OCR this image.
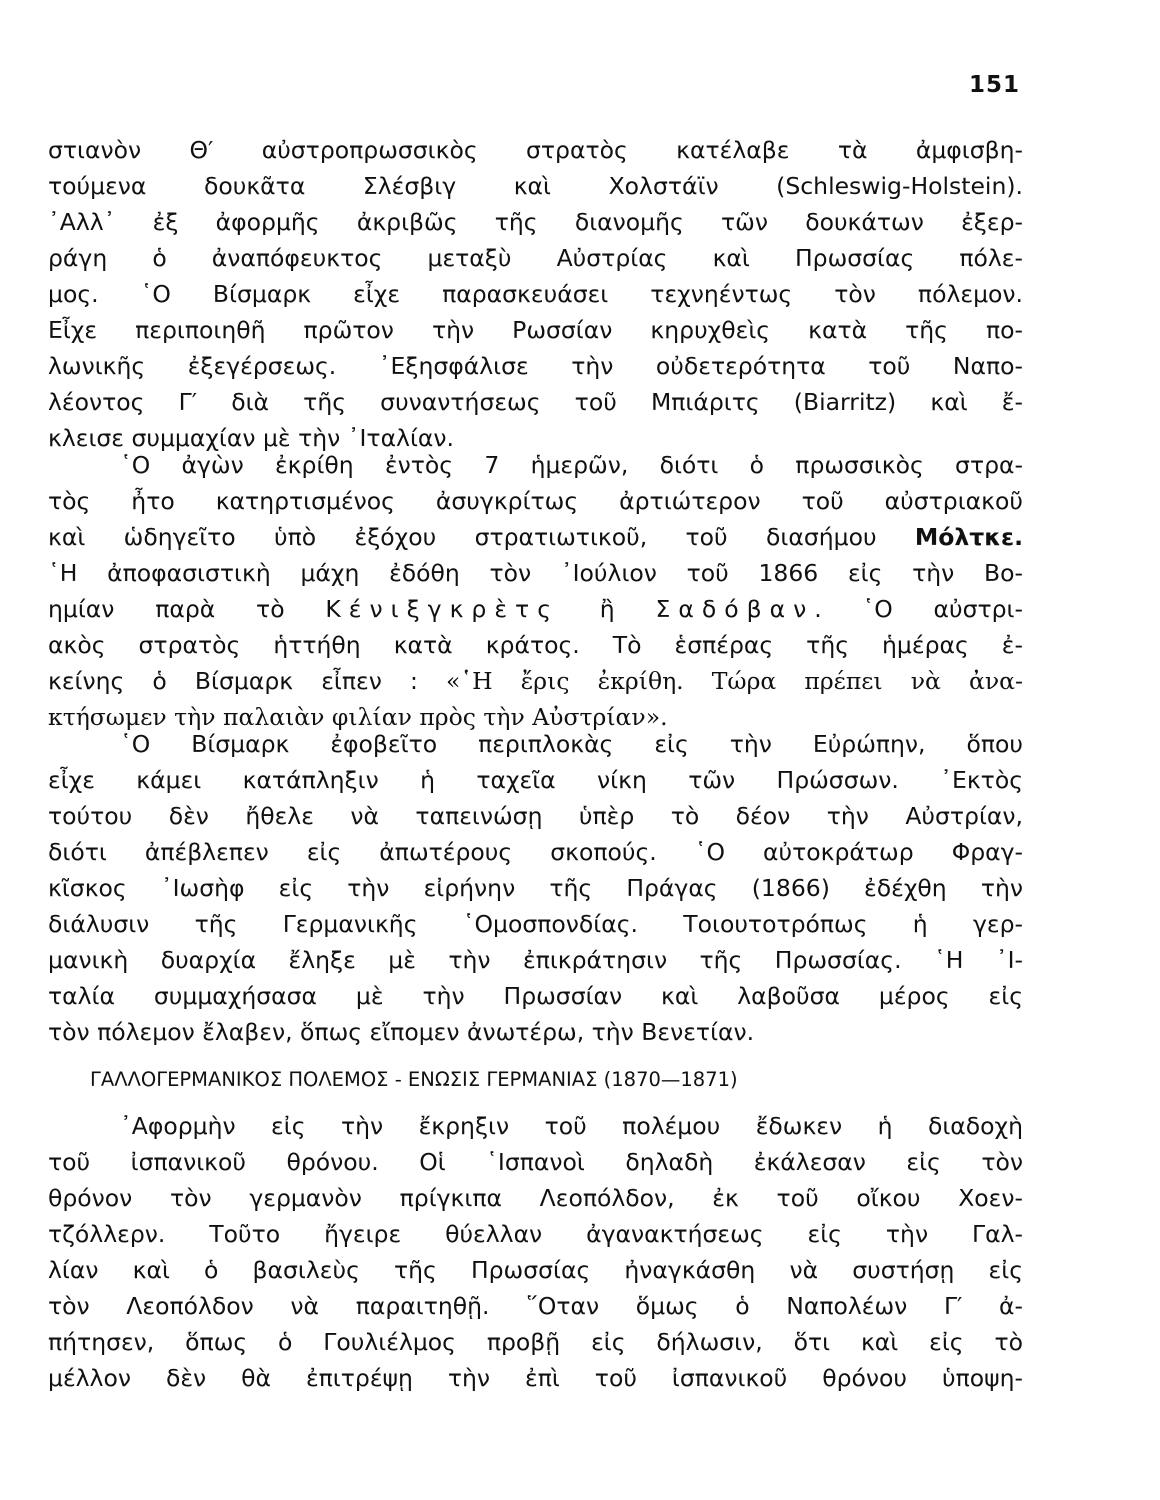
151
στιανὸν Θ′ αὐστροπρωσσικὸς στρατὸς κατέλαβε τὰ ἀμφισβη-
τούμενα δουκᾶτα Σλέσβιγ καὶ Χολστάϊν (Schleswig-Holstein).
᾿Αλλ᾿ ἐξ ἀφορμῆς ἀκριβῶς τῆς διανομῆς τῶν δουκάτων ἐξερ-
ράγη ὁ ἀναπόφευκτος μεταξὺ Αὐστρίας καὶ Πρωσσίας πόλε-
μος. ῾Ο Βίσμαρκ εἶχε παρασκευάσει τεχνηέντως τὸν πόλεμον.
Εἶχε περιποιηθῆ πρῶτον τὴν Ρωσσίαν κηρυχθεὶς κατὰ τῆς πο-
λωνικῆς ἐξεγέρσεως. ᾿Εξησφάλισε τὴν οὐδετερότητα τοῦ Ναπο-
λέοντος Γ′ διὰ τῆς συναντήσεως τοῦ Μπιάριτς (Biarritz) καὶ ἔ-
κλεισε συμμαχίαν μὲ τὴν ᾿Ιταλίαν.
῾Ο ἀγὼν ἐκρίθη ἐντὸς 7 ἡμερῶν, διότι ὁ πρωσσικὸς στρα-
τὸς ἦτο κατηρτισμένος ἀσυγκρίτως ἀρτιώτερον τοῦ αὐστριακοῦ
καὶ ὡδηγεῖτο ὑπὸ ἐξόχου στρατιωτικοῦ, τοῦ διασήμου Μόλτκε.
῾Η ἀποφασιστικὴ μάχη ἐδόθη τὸν ᾿Ιούλιον τοῦ 1866 εἰς τὴν Βο-
ημίαν παρὰ τὸ Κένιξγκρὲτς ἢ Σαδόβαν. ῾Ο αὐστρι-
ακὸς στρατὸς ἡττήθη κατὰ κράτος. Τὸ ἑσπέρας τῆς ἡμέρας ἐ-
κείνης ὁ Βίσμαρκ εἶπεν : «῾Η ἔρις ἐκρίθη. Τώρα πρέπει νὰ ἀνα-
κτήσωμεν τὴν παλαιὰν φιλίαν πρὸς τὴν Αὐστρίαν».
῾Ο Βίσμαρκ ἐφοβεῖτο περιπλοκὰς εἰς τὴν Εὐρώπην, ὅπου
εἶχε κάμει κατάπληξιν ἡ ταχεῖα νίκη τῶν Πρώσσων. ᾿Εκτὸς
τούτου δὲν ἤθελε νὰ ταπεινώσῃ ὑπὲρ τὸ δέον τὴν Αὐστρίαν,
διότι ἀπέβλεπεν εἰς ἀπωτέρους σκοπούς. ῾Ο αὐτοκράτωρ Φραγ-
κῖσκος ᾿Ιωσὴφ εἰς τὴν εἰρήνην τῆς Πράγας (1866) ἐδέχθη τὴν
διάλυσιν τῆς Γερμανικῆς ῾Ομοσπονδίας. Τοιουτοτρόπως ἡ γερ-
μανικὴ δυαρχία ἔληξε μὲ τὴν ἐπικράτησιν τῆς Πρωσσίας. ῾Η ᾿Ι-
ταλία συμμαχήσασα μὲ τὴν Πρωσσίαν καὶ λαβοῦσα μέρος εἰς
τὸν πόλεμον ἔλαβεν, ὅπως εἴπομεν ἀνωτέρω, τὴν Βενετίαν.
ΓΑΛΛΟΓΕΡΜΑΝΙΚΟΣ ΠΟΛΕΜΟΣ - ΕΝΩΣΙΣ ΓΕΡΜΑΝΙΑΣ (1870—1871)
᾿Αφορμὴν εἰς τὴν ἔκρηξιν τοῦ πολέμου ἔδωκεν ἡ διαδοχὴ
τοῦ ἰσπανικοῦ θρόνου. Οἱ ῾Ισπανοὶ δηλαδὴ ἐκάλεσαν εἰς τὸν
θρόνον τὸν γερμανὸν πρίγκιπα Λεοπόλδον, ἐκ τοῦ οἴκου Χοεν-
τζόλλερν. Τοῦτο ἤγειρε θύελλαν ἀγανακτήσεως εἰς τὴν Γαλ-
λίαν καὶ ὁ βασιλεὺς τῆς Πρωσσίας ἠναγκάσθη νὰ συστήσῃ εἰς
τὸν Λεοπόλδον νὰ παραιτηθῇ. ῞Οταν ὅμως ὁ Ναπολέων Γ′ ἀ-
πήτησεν, ὅπως ὁ Γουλιέλμος προβῇ εἰς δήλωσιν, ὅτι καὶ εἰς τὸ
μέλλον δὲν θὰ ἐπιτρέψῃ τὴν ἐπὶ τοῦ ἰσπανικοῦ θρόνου ὑποψη-
